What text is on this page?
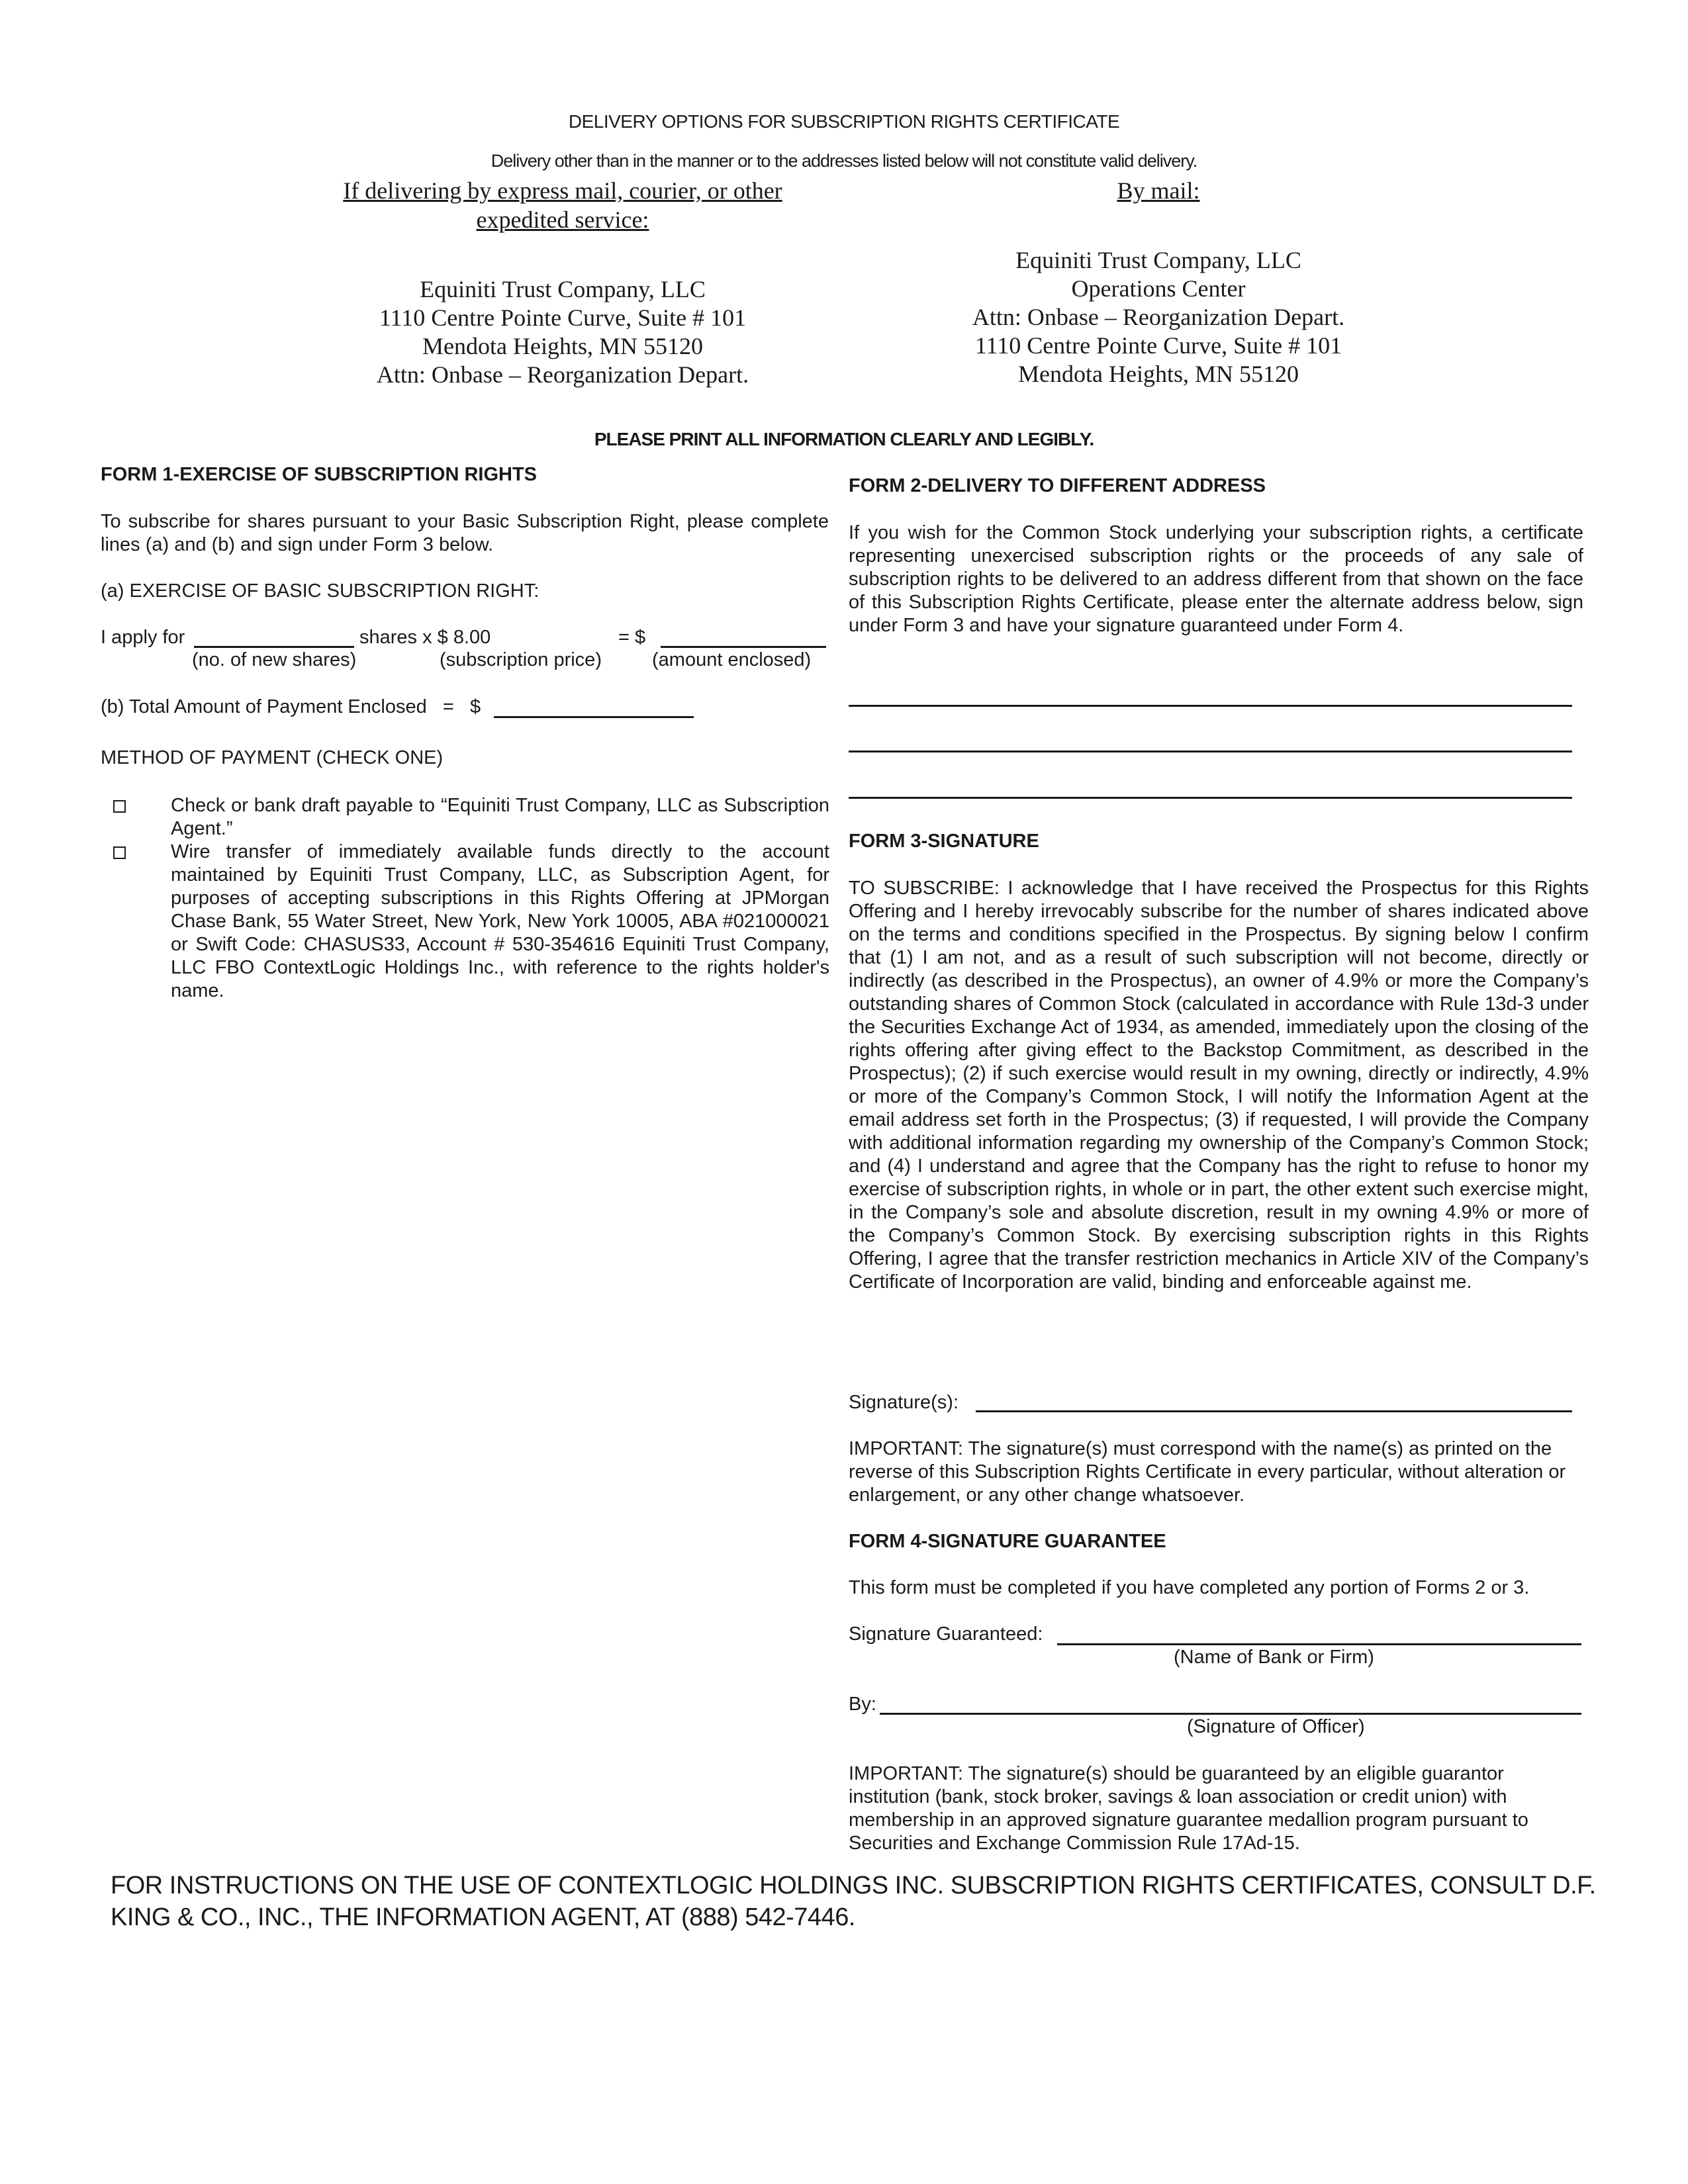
DELIVERY OPTIONS FOR SUBSCRIPTION RIGHTS CERTIFICATE
Delivery other than in the manner or to the addresses listed below will not constitute valid delivery.
If delivering by express mail, courier, or other
expedited service:
Equiniti Trust Company, LLC
1110 Centre Pointe Curve, Suite # 101
Mendota Heights, MN 55120
Attn: Onbase – Reorganization Depart.
By mail:
Equiniti Trust Company, LLC
Operations Center
Attn: Onbase – Reorganization Depart.
1110 Centre Pointe Curve, Suite # 101
Mendota Heights, MN 55120
PLEASE PRINT ALL INFORMATION CLEARLY AND LEGIBLY.
FORM 1-EXERCISE OF SUBSCRIPTION RIGHTS
To subscribe for shares pursuant to your Basic Subscription Right, please complete lines (a) and (b) and sign under Form 3 below.
(a) EXERCISE OF BASIC SUBSCRIPTION RIGHT:
I apply for	shares x $ 8.00	= $
(no. of new shares)	(subscription price)	(amount enclosed)
(b) Total Amount of Payment Enclosed   =   $
METHOD OF PAYMENT (CHECK ONE)
Check or bank draft payable to “Equiniti Trust Company, LLC as Subscription Agent.”
Wire transfer of immediately available funds directly to the account maintained by Equiniti Trust Company, LLC, as Subscription Agent, for purposes of accepting subscriptions in this Rights Offering at JPMorgan Chase Bank, 55 Water Street, New York, New York 10005, ABA #021000021 or Swift Code: CHASUS33, Account # 530-354616 Equiniti Trust Company, LLC FBO ContextLogic Holdings Inc., with reference to the rights holder's name.
FORM 2-DELIVERY TO DIFFERENT ADDRESS
If you wish for the Common Stock underlying your subscription rights, a certificate representing unexercised subscription rights or the proceeds of any sale of subscription rights to be delivered to an address different from that shown on the face of this Subscription Rights Certificate, please enter the alternate address below, sign under Form 3 and have your signature guaranteed under Form 4.
FORM 3-SIGNATURE
TO SUBSCRIBE: I acknowledge that I have received the Prospectus for this Rights Offering and I hereby irrevocably subscribe for the number of shares indicated above on the terms and conditions specified in the Prospectus. By signing below I confirm that (1) I am not, and as a result of such subscription will not become, directly or indirectly (as described in the Prospectus), an owner of 4.9% or more the Company’s outstanding shares of Common Stock (calculated in accordance with Rule 13d-3 under the Securities Exchange Act of 1934, as amended, immediately upon the closing of the rights offering after giving effect to the Backstop Commitment, as described in the Prospectus); (2) if such exercise would result in my owning, directly or indirectly, 4.9% or more of the Company’s Common Stock, I will notify the Information Agent at the email address set forth in the Prospectus; (3) if requested, I will provide the Company with additional information regarding my ownership of the Company’s Common Stock; and (4) I understand and agree that the Company has the right to refuse to honor my exercise of subscription rights, in whole or in part, the other extent such exercise might, in the Company’s sole and absolute discretion, result in my owning 4.9% or more of the Company’s Common Stock. By exercising subscription rights in this Rights Offering, I agree that the transfer restriction mechanics in Article XIV of the Company’s Certificate of Incorporation are valid, binding and enforceable against me.
Signature(s):
IMPORTANT: The signature(s) must correspond with the name(s) as printed on the reverse of this Subscription Rights Certificate in every particular, without alteration or enlargement, or any other change whatsoever.
FORM 4-SIGNATURE GUARANTEE
This form must be completed if you have completed any portion of Forms 2 or 3.
Signature Guaranteed:
(Name of Bank or Firm)
By:
(Signature of Officer)
IMPORTANT: The signature(s) should be guaranteed by an eligible guarantor institution (bank, stock broker, savings & loan association or credit union) with membership in an approved signature guarantee medallion program pursuant to Securities and Exchange Commission Rule 17Ad-15.
FOR INSTRUCTIONS ON THE USE OF CONTEXTLOGIC HOLDINGS INC. SUBSCRIPTION RIGHTS CERTIFICATES, CONSULT D.F. KING & CO., INC., THE INFORMATION AGENT, AT (888) 542-7446.
